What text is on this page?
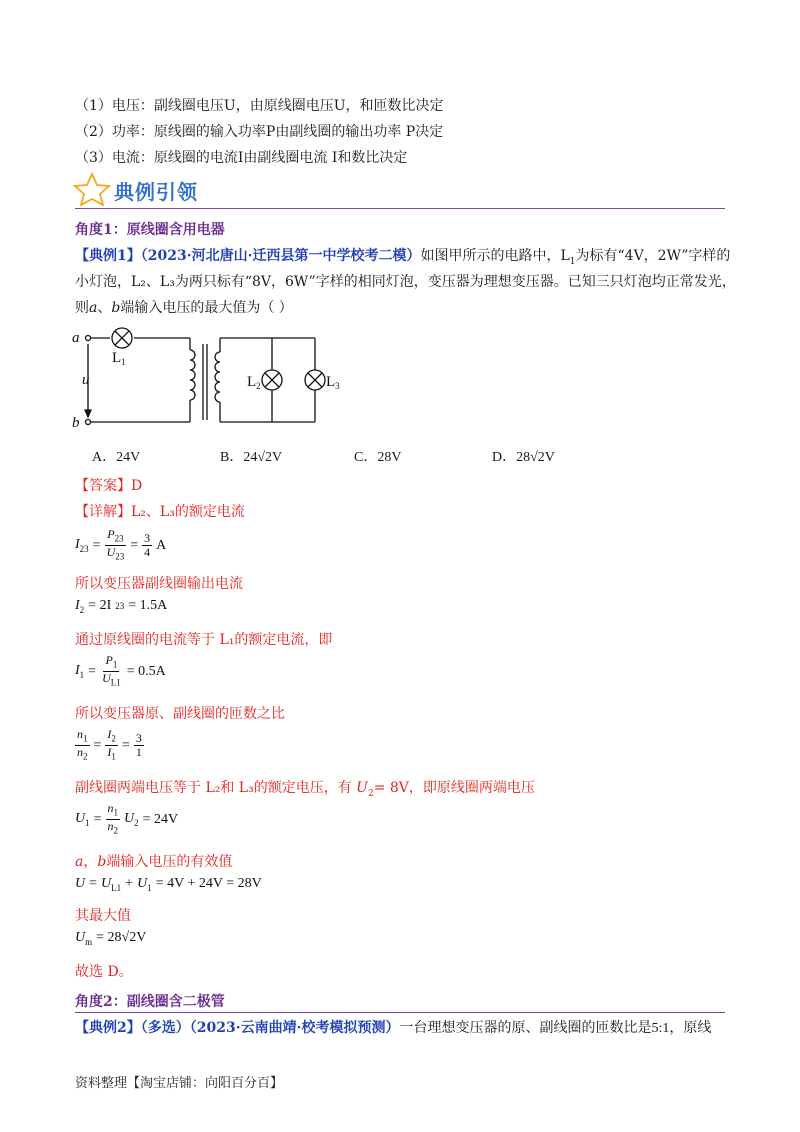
（1）电压：副线圈电压U，由原线圈电压U，和匝数比决定
（2）功率：原线圈的输入功率P由副线圈的输出功率 P决定
（3）电流：原线圈的电流I由副线圈电流 I和数比决定
典例引领
角度1：原线圈含用电器
【典例1】（2023·河北唐山·迁西县第一中学校考二模）如图甲所示的电路中，$L_1$为标有“4V，2W”字样的
小灯泡，L₂、L₃为两只标有“8V，6W”字样的相同灯泡，变压器为理想变压器。已知三只灯泡均正常发光，
则a、b端输入电压的最大值为（ ）
a
b
u
$L_1$
$L_2$	$L_3$
A．24V	B．24√2V	C．28V	D．28√2V
【答案】D
【详解】L₂、L₃的额定电流
$I_{23} = \frac{P_{23}}{U_{23}} = \frac{3}{4}$ A
所以变压器副线圈输出电流
$I_2 = 2I$ 23 = 1.5A
通过原线圈的电流等于 L₁的额定电流，即
$I_1 = \frac{P_1}{U_{L1}} = 0.5A$
所以变压器原、副线圈的匝数之比
$\frac{n_1}{n_2} = \frac{I_2}{I_1} = \frac{3}{1}$
副线圈两端电压等于 L₂和 L₃的额定电压，有 $U_2= 8V$，即原线圈两端电压
$U_1 = \frac{n_1}{n_2} U_2 = 24V$
a，b端输入电压的有效值
$U = U_{L1} + U_1 = 4V + 24V = 28V$
其最大值
$U_m = 28√2V$
故选 D。
角度2：副线圈含二极管
【典例2】（多选）（2023·云南曲靖·校考模拟预测）一台理想变压器的原、副线圈的匝数比是5:1，原线
资料整理【淘宝店铺：向阳百分百】
